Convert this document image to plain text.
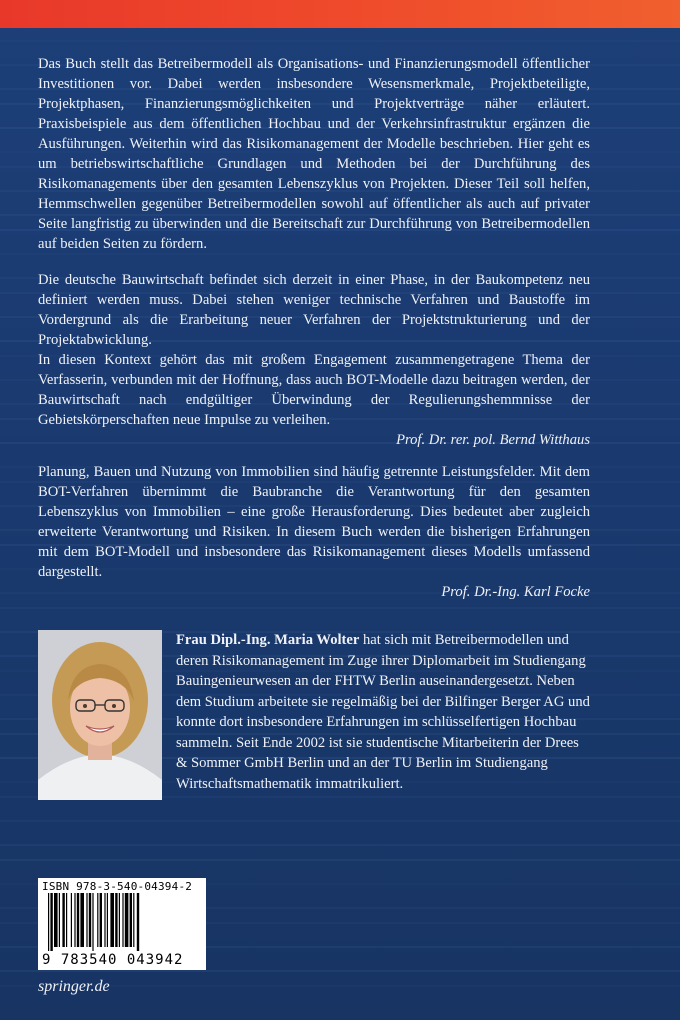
Das Buch stellt das Betreibermodell als Organisations- und Finanzierungsmodell öffentlicher Investitionen vor. Dabei werden insbesondere Wesensmerkmale, Projektbeteiligte, Projektphasen, Finanzierungsmöglichkeiten und Projektverträge näher erläutert. Praxisbeispiele aus dem öffentlichen Hochbau und der Verkehrsinfrastruktur ergänzen die Ausführungen. Weiterhin wird das Risikomanagement der Modelle beschrieben. Hier geht es um betriebswirtschaftliche Grundlagen und Methoden bei der Durchführung des Risikomanagements über den gesamten Lebenszyklus von Projekten. Dieser Teil soll helfen, Hemmschwellen gegenüber Betreibermodellen sowohl auf öffentlicher als auch auf privater Seite langfristig zu überwinden und die Bereitschaft zur Durchführung von Betreibermodellen auf beiden Seiten zu fördern.

Die deutsche Bauwirtschaft befindet sich derzeit in einer Phase, in der Baukompetenz neu definiert werden muss. Dabei stehen weniger technische Verfahren und Baustoffe im Vordergrund als die Erarbeitung neuer Verfahren der Projektstrukturierung und der Projektabwicklung.

In diesen Kontext gehört das mit großem Engagement zusammengetragene Thema der Verfasserin, verbunden mit der Hoffnung, dass auch BOT-Modelle dazu beitragen werden, der Bauwirtschaft nach endgültiger Überwindung der Regulierungshemmnisse der Gebietskörperschaften neue Impulse zu verleihen.

Prof. Dr. rer. pol. Bernd Witthaus

Planung, Bauen und Nutzung von Immobilien sind häufig getrennte Leistungsfelder. Mit dem BOT-Verfahren übernimmt die Baubranche die Verantwortung für den gesamten Lebenszyklus von Immobilien – eine große Herausforderung. Dies bedeutet aber zugleich erweiterte Verantwortung und Risiken. In diesem Buch werden die bisherigen Erfahrungen mit dem BOT-Modell und insbesondere das Risikomanagement dieses Modells umfassend dargestellt.

Prof. Dr.-Ing. Karl Focke

Frau Dipl.-Ing. Maria Wolter hat sich mit Betreibermodellen und deren Risikomanagement im Zuge ihrer Diplomarbeit im Studiengang Bauingenieurwesen an der FHTW Berlin auseinandergesetzt. Neben dem Studium arbeitete sie regelmäßig bei der Bilfinger Berger AG und konnte dort insbesondere Erfahrungen im schlüsselfertigen Hochbau sammeln. Seit Ende 2002 ist sie studentische Mitarbeiterin der Drees & Sommer GmbH Berlin und an der TU Berlin im Studiengang Wirtschaftsmathematik immatrikuliert.
ISBN 978-3-540-04394-2
9 783540 043942
springer.de
